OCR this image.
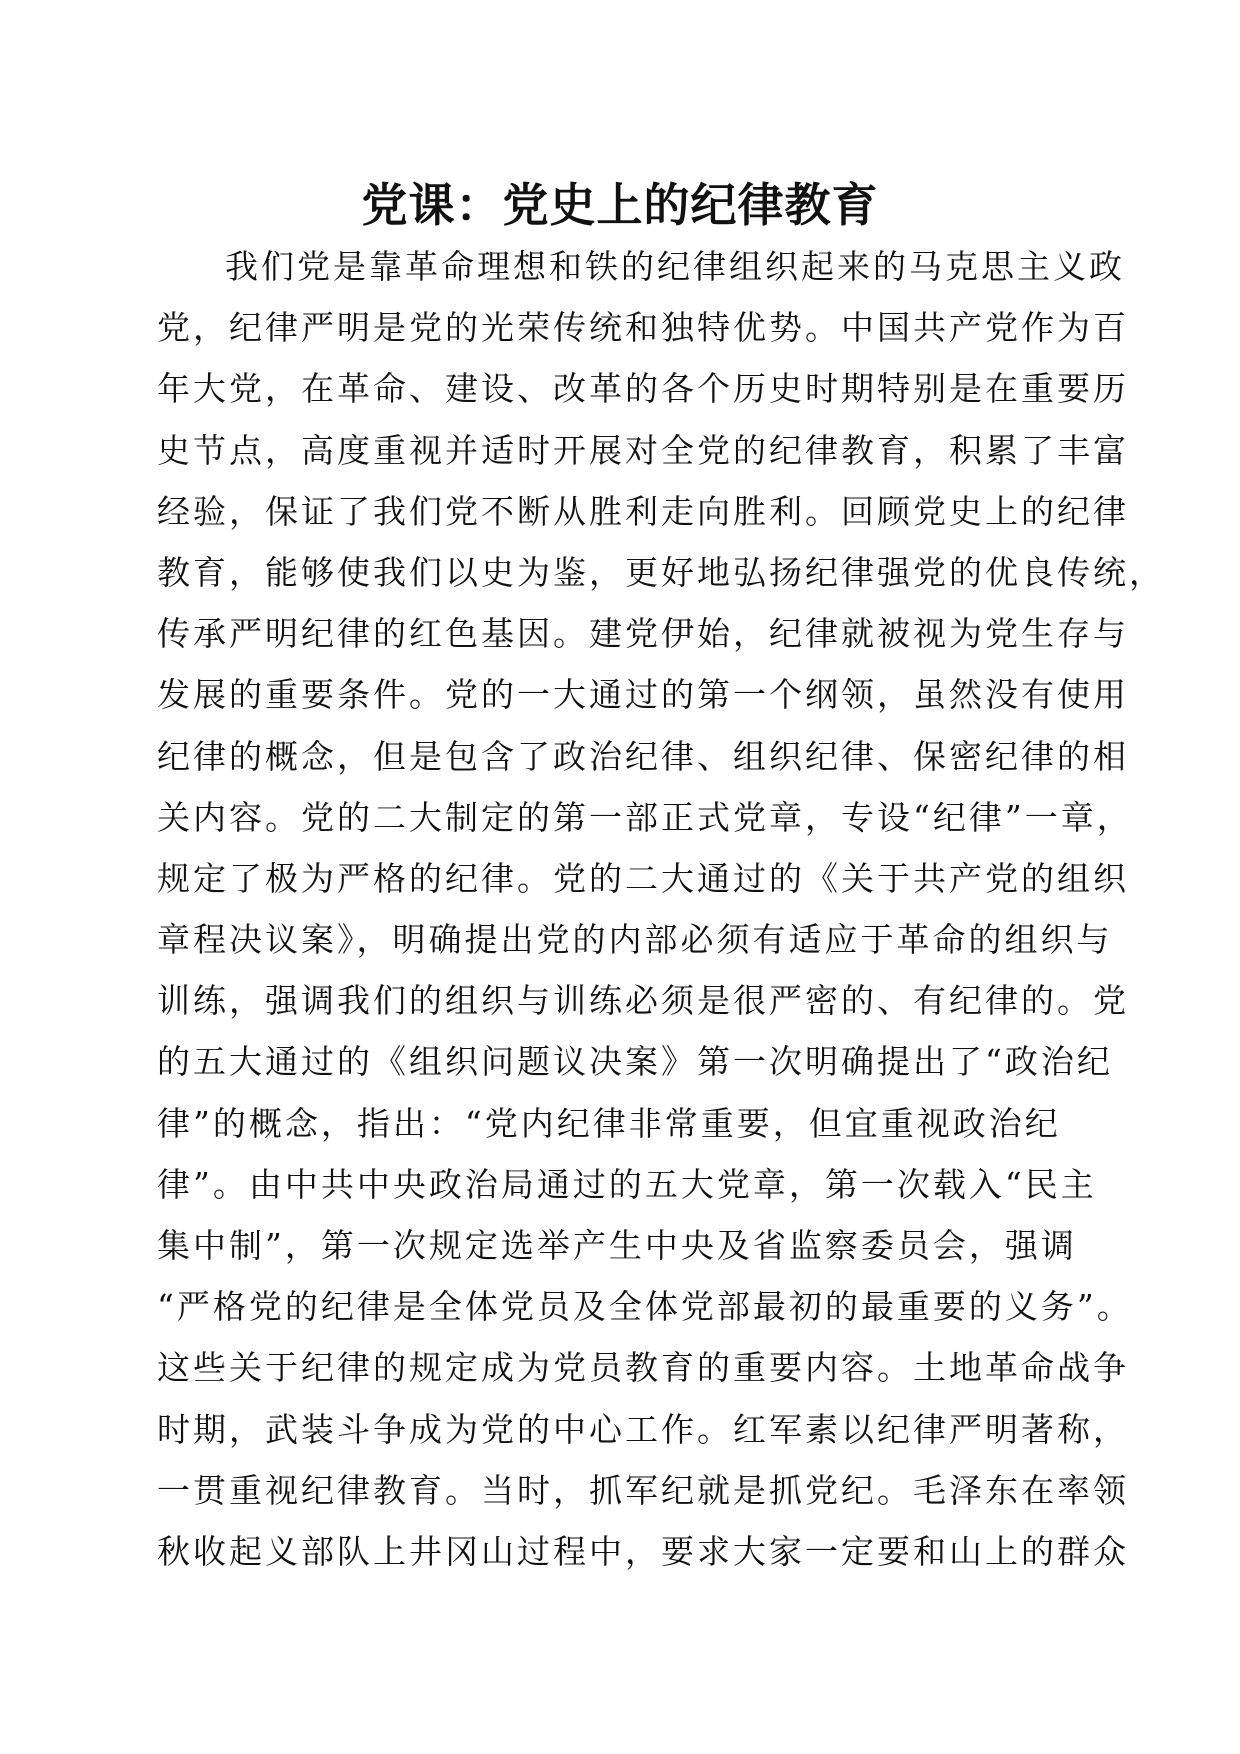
党课：党史上的纪律教育
我们党是靠革命理想和铁的纪律组织起来的马克思主义政
党，纪律严明是党的光荣传统和独特优势。中国共产党作为百
年大党，在革命、建设、改革的各个历史时期特别是在重要历
史节点，高度重视并适时开展对全党的纪律教育，积累了丰富
经验，保证了我们党不断从胜利走向胜利。回顾党史上的纪律
教育，能够使我们以史为鉴，更好地弘扬纪律强党的优良传统，
传承严明纪律的红色基因。建党伊始，纪律就被视为党生存与
发展的重要条件。党的一大通过的第一个纲领，虽然没有使用
纪律的概念，但是包含了政治纪律、组织纪律、保密纪律的相
关内容。党的二大制定的第一部正式党章，专设“纪律”一章，
规定了极为严格的纪律。党的二大通过的《关于共产党的组织
章程决议案》，明确提出党的内部必须有适应于革命的组织与
训练，强调我们的组织与训练必须是很严密的、有纪律的。党
的五大通过的《组织问题议决案》第一次明确提出了“政治纪
律”的概念，指出：“党内纪律非常重要，但宜重视政治纪
律”。由中共中央政治局通过的五大党章，第一次载入“民主
集中制”，第一次规定选举产生中央及省监察委员会，强调
“严格党的纪律是全体党员及全体党部最初的最重要的义务”。
这些关于纪律的规定成为党员教育的重要内容。土地革命战争
时期，武装斗争成为党的中心工作。红军素以纪律严明著称，
一贯重视纪律教育。当时，抓军纪就是抓党纪。毛泽东在率领
秋收起义部队上井冈山过程中，要求大家一定要和山上的群众
